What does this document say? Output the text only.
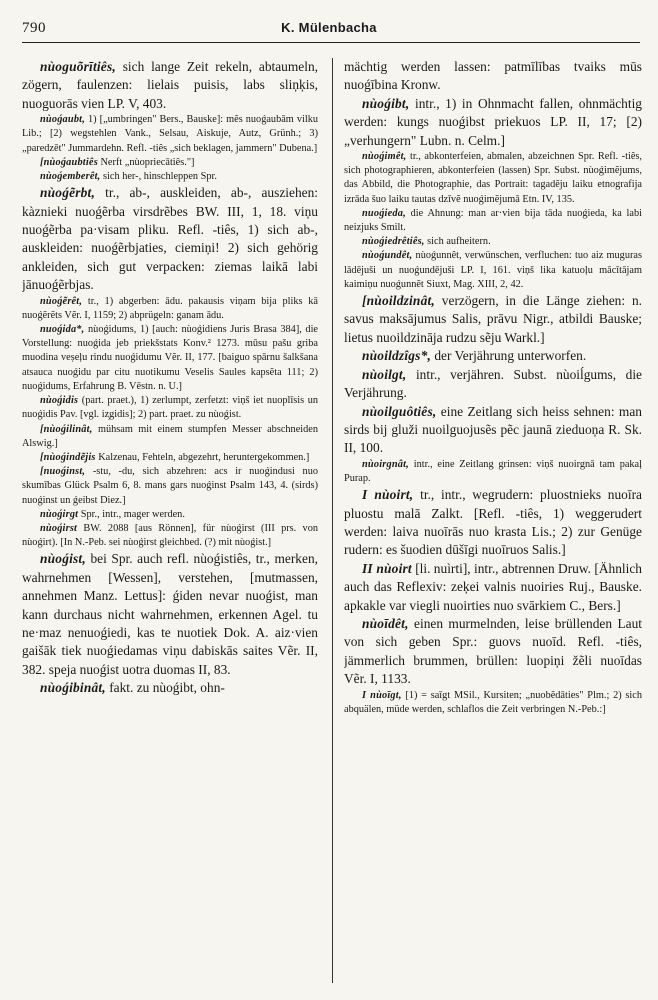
790	K. Mülenbacha

nùoguõrītiês, sich lange Zeit rekeln, abtaumeln, zögern, faulenzen: lielais puisis, labs sliņķis, nuoguorās vien LP. V, 403.

nùoǵaubt, 1) [„umbringen" Bers., Bauske]: mẽs nuoǵaubām vilku Lib.; [2) wegstehlen Vank., Selsau, Aiskuje, Autz, Grünh.; 3) „paredzēt" Jummardehn. Refl. -tiês „sich beklagen, jammern" Dubena.]

[nùoǵaubtiês Nerft „nùopriecātiês."]

nùoǵemberêt, sich her-, hinschleppen Spr.

nùoǵẽrbt, tr., ab-, auskleiden, ab-, ausziehen: kàznieki nuoǵẽrba virsdrẽbes BW. III, 1, 18. viņu nuoǵẽrba pa·visam pliku. Refl. -tiês, 1) sich ab-, auskleiden: nuoǵẽrbjaties, ciemiņi! 2) sich gehörig ankleiden, sich gut verpacken: ziemas laikā labi jānuoǵẽrbjas.

nùoǵẽrêt, tr., 1) abgerben: ādu. pakausis viņam bija pliks kā nuoǵẽrẽts Vẽr. I, 1159; 2) abprügeln: ganam ādu.

nuoǵida*, nùoǵidums, 1) [auch: nùoǵidiens Juris Brasa 384], die Vorstellung: nuoǵida jeb priekšstats Konv.² 1273. mūsu pašu griba muodina veṣeļu rindu nuoǵidumu Vẽr. II, 177. [baiguo spārnu šalkšana atsauca nuoǵidu par citu nuotikumu Veselis Saules kapsẽta 111; 2) nuoǵidums, Erfahrung B. Vēstn. n. U.]

nùoǵidis (part. praet.), 1) zerlumpt, zerfetzt: viņš iet nuoplīsis un nuoǵidis Pav. [vgl. iz̧gidis]; 2) part. praet. zu nùoǵist.

[nùoǵilinât, mühsam mit einem stumpfen Messer abschneiden Alswig.]

[nùoǵindẽjis Kalzenau, Fehteln, abgezehrt, heruntergekommen.]

[nuoǵinst, -stu, -du, sich abzehren: acs ir nuoǵindusi nuo skumības Glück Psalm 6, 8. mans gars nuoǵinst Psalm 143, 4. (sirds) nuoǵinst un ǵeibst Diez.]

nùoǵirgt Spr., intr., mager werden.

nùoǵirst BW. 2088 [aus Rönnen], für nùoǵirst (III prs. von nùoǵirt). [In N.-Peb. sei nùoǵirst gleichbed. (?) mit nùoǵist.]

nùoǵist, bei Spr. auch refl. nùoǵistiês, tr., merken, wahrnehmen [Wessen], verstehen, [mutmassen, annehmen Manz. Lettus]: ǵiden nevar nuoǵist, man kann durchaus nicht wahrnehmen, erkennen Agel. tu ne·maz nenuoǵiedi, kas te nuotiek Dok. A. aiz·vien gaišāk tiek nuoǵiedamas viņu dabiskās saites Vẽr. II, 382. speja nuoǵist uotra duomas II, 83.

nùoǵibinât, fakt. zu nùoǵibt, ohn-

mächtig werden lassen: patmīlības tvaiks mūs nuoǵībina Kronw.

nùoǵibt, intr., 1) in Ohnmacht fallen, ohnmächtig werden: kungs nuoǵibst priekuos LP. II, 17; [2) „verhungern" Lubn. n. Celm.]

nùoǵimêt, tr., abkonterfeien, abmalen, abzeichnen Spr. Refl. -tiês, sich photographieren, abkonterfeien (lassen) Spr. Subst. nùoǵimẽjums, das Abbild, die Photographie, das Portrait: tagadẽju laiku etnografija izrāda šuo laiku tautas dzīvẽ nuoǵimẽjumā Etn. IV, 135.

nuoǵieda, die Ahnung: man ar·vien bija tāda nuoǵieda, ka labi neizjuks Smilt.

nùoǵiedrêtiês, sich aufheitern.

nùoǵundêt, nùoǵunnêt, verwünschen, verfluchen: tuo aiz muguras lādējuši un nuoǵundējuši LP. I, 161. viņš lika katuoļu mācītājam kaimiņu nuoǵunnẽt Siuxt, Mag. XIII, 2, 42.

[nùoildzinât, verzögern, in die Länge ziehen: n. savus maksājumus Salis, prāvu Nigr., atbildi Bauske; lietus nuoildzināja rudzu sẽju Warkl.]

nùoildzîgs*, der Verjährung unterworfen.

nùoilgt, intr., verjähren. Subst. nùoiĺgums, die Verjährung.

nùoilguôtiês, eine Zeitlang sich heiss sehnen: man sirds bij gluži nuoilguojusẽs pẽc jaunā zieduoņa R. Sk. II, 100.

nùoirgnât, intr., eine Zeitlang grinsen: viņš nuoirgnā tam pakaļ Purap.

I nùoirt, tr., intr., wegrudern: pluostnieks nuoīra pluostu malā Zalkt. [Refl. -tiês, 1) weggerudert werden: laiva nuoīrās nuo krasta Lis.; 2) zur Genüge rudern: es šuodien dūšīgi nuoīruos Salis.]

II nùoirt [li. nuìrti], intr., abtrennen Druw. [Ähnlich auch das Reflexiv: zeķei valnis nuoiries Ruj., Bauske. apkakle var viegli nuoirties nuo svārkiem C., Bers.]

nùoīdêt, einen murmelnden, leise brüllenden Laut von sich geben Spr.: guovs nuoīd. Refl. -tiês, jämmerlich brummen, brüllen: luopiņi žẽli nuoīdas Vẽr. I, 1133.

I nùoīgt, [1) = saīgt MSil., Kursiten; „nuobẽdāties" Plm.; 2) sich abquälen, müde werden, schlaflos die Zeit verbringen N.-Peb.:]
